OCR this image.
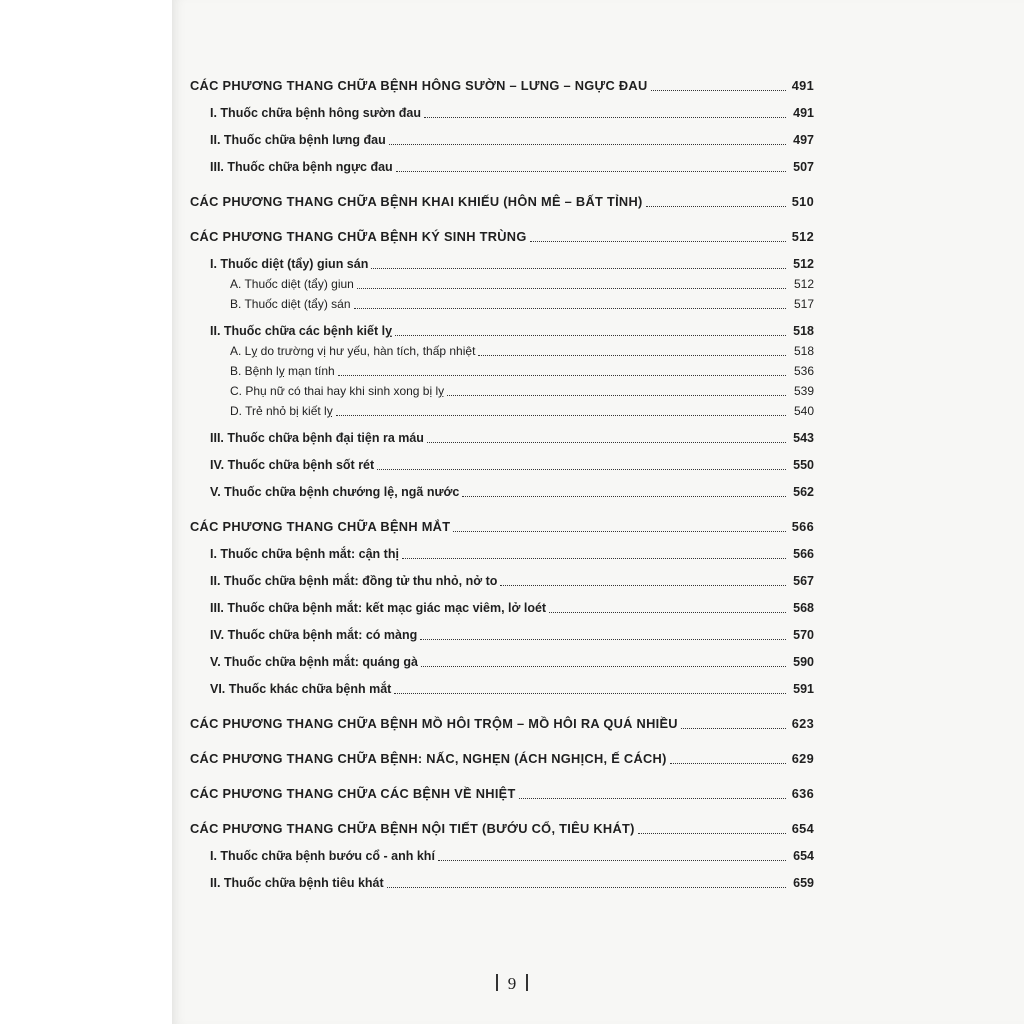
CÁC PHƯƠNG THANG CHỮA BỆNH HÔNG SƯỜN – LƯNG – NGỰC ĐAU	491
I. Thuốc chữa bệnh hông sườn đau	491
II. Thuốc chữa bệnh lưng đau	497
III. Thuốc chữa bệnh ngực đau	507
CÁC PHƯƠNG THANG CHỮA BỆNH KHAI KHIẾU (HÔN MÊ – BẤT TỈNH)	510
CÁC PHƯƠNG THANG CHỮA BỆNH KÝ SINH TRÙNG	512
I. Thuốc diệt (tẩy) giun sán	512
A. Thuốc diệt (tẩy) giun	512
B. Thuốc diệt (tẩy) sán	517
II. Thuốc chữa các bệnh kiết lỵ	518
A. Lỵ do trường vị hư yếu, hàn tích, thấp nhiệt	518
B. Bệnh lỵ mạn tính	536
C. Phụ nữ có thai hay khi sinh xong bị lỵ	539
D. Trẻ nhỏ bị kiết lỵ	540
III. Thuốc chữa bệnh đại tiện ra máu	543
IV. Thuốc chữa bệnh sốt rét	550
V. Thuốc chữa bệnh chướng lệ, ngã nước	562
CÁC PHƯƠNG THANG CHỮA BỆNH MẮT	566
I. Thuốc chữa bệnh mắt: cận thị	566
II. Thuốc chữa bệnh mắt: đồng tử thu nhỏ, nở to	567
III. Thuốc chữa bệnh mắt: kết mạc giác mạc viêm, lở loét	568
IV. Thuốc chữa bệnh mắt: có màng	570
V. Thuốc chữa bệnh mắt: quáng gà	590
VI. Thuốc khác chữa bệnh mắt	591
CÁC PHƯƠNG THANG CHỮA BỆNH MỒ HÔI TRỘM – MỒ HÔI RA QUÁ NHIỀU	623
CÁC PHƯƠNG THANG CHỮA BỆNH: NẤC, NGHẸN (ÁCH NGHỊCH, Ế CÁCH)	629
CÁC PHƯƠNG THANG CHỮA CÁC BỆNH VỀ NHIỆT	636
CÁC PHƯƠNG THANG CHỮA BỆNH NỘI TIẾT (BƯỚU CỔ, TIÊU KHÁT)	654
I. Thuốc chữa bệnh bướu cổ - anh khí	654
II. Thuốc chữa bệnh tiêu khát	659
9
